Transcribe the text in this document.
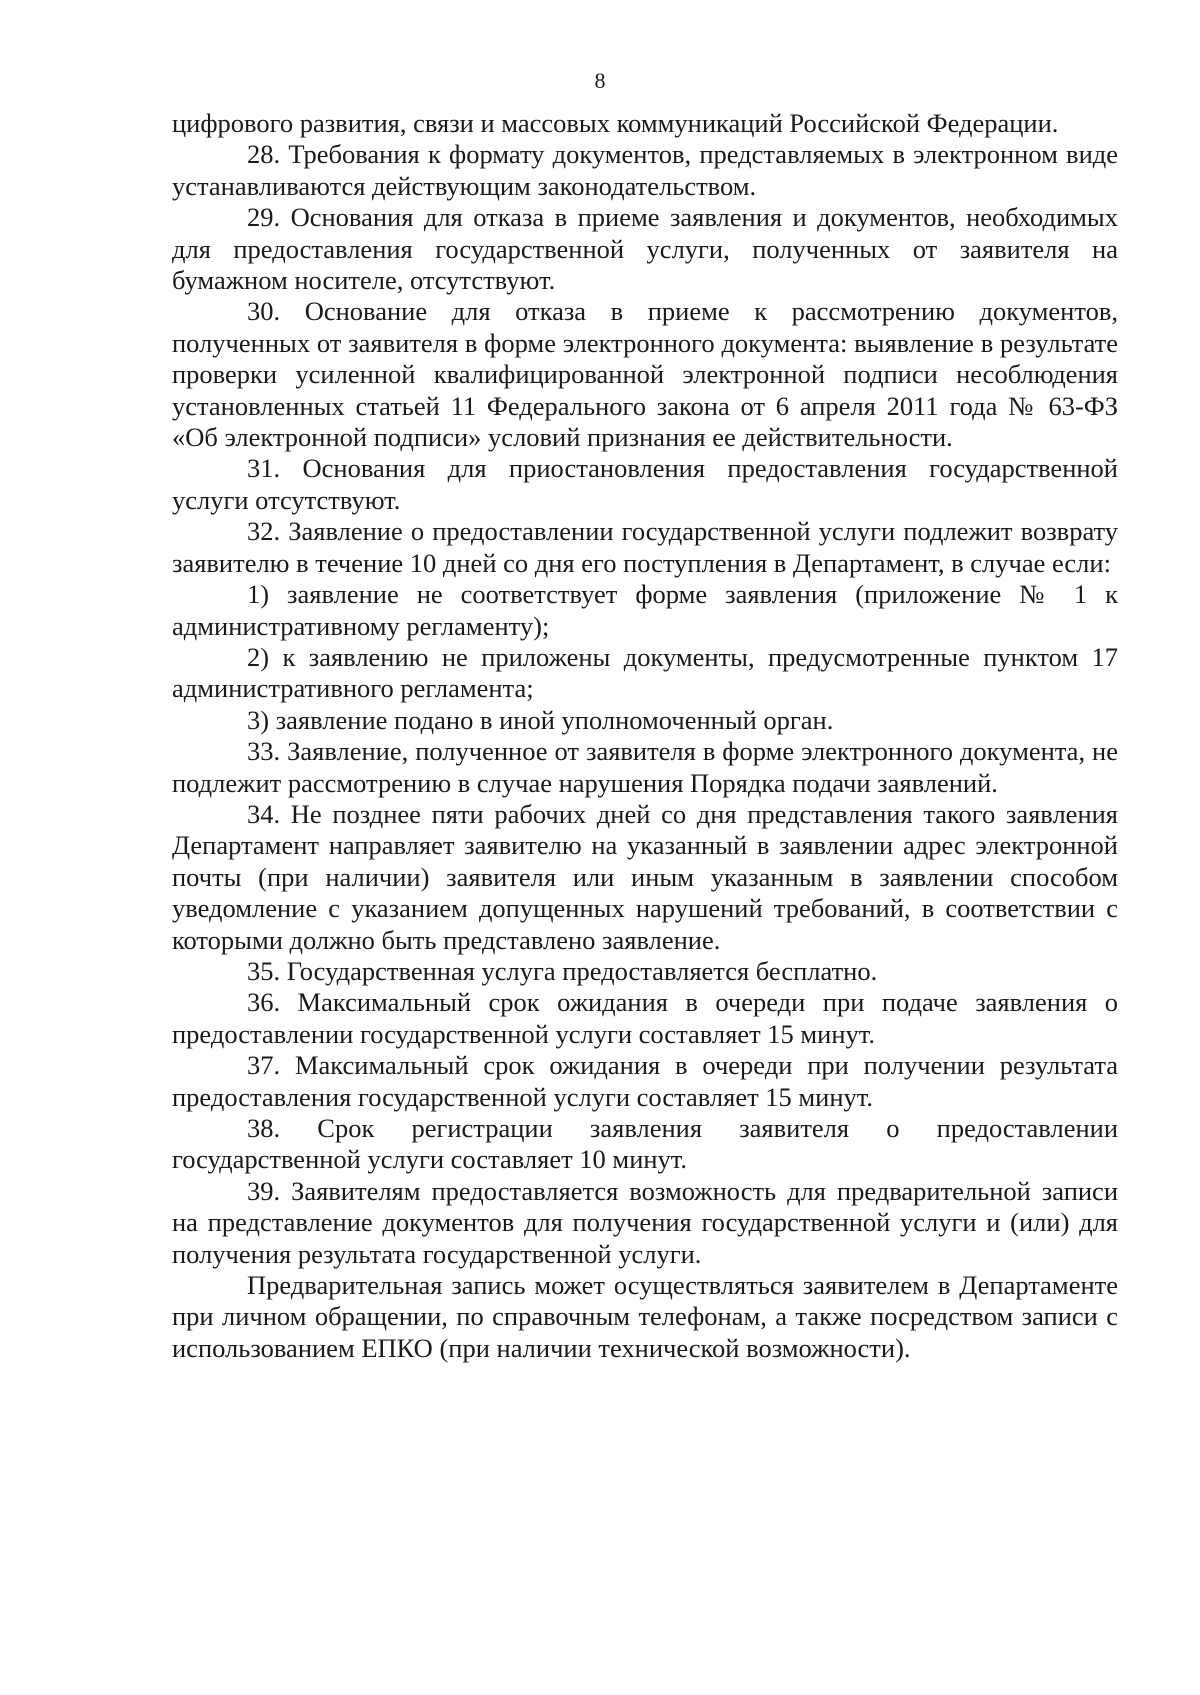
8

цифрового развития, связи и массовых коммуникаций Российской Федерации.

28. Требования к формату документов, представляемых в электронном виде устанавливаются действующим законодательством.

29. Основания для отказа в приеме заявления и документов, необходимых для предоставления государственной услуги, полученных от заявителя на бумажном носителе, отсутствуют.

30. Основание для отказа в приеме к рассмотрению документов, полученных от заявителя в форме электронного документа: выявление в результате проверки усиленной квалифицированной электронной подписи несоблюдения установленных статьей 11 Федерального закона от 6 апреля 2011 года № 63-ФЗ «Об электронной подписи» условий признания ее действительности.

31. Основания для приостановления предоставления государственной услуги отсутствуют.

32. Заявление о предоставлении государственной услуги подлежит возврату заявителю в течение 10 дней со дня его поступления в Департамент, в случае если:

1) заявление не соответствует форме заявления (приложение № 1 к административному регламенту);

2) к заявлению не приложены документы, предусмотренные пунктом 17 административного регламента;

3) заявление подано в иной уполномоченный орган.

33. Заявление, полученное от заявителя в форме электронного документа, не подлежит рассмотрению в случае нарушения Порядка подачи заявлений.

34. Не позднее пяти рабочих дней со дня представления такого заявления Департамент направляет заявителю на указанный в заявлении адрес электронной почты (при наличии) заявителя или иным указанным в заявлении способом уведомление с указанием допущенных нарушений требований, в соответствии с которыми должно быть представлено заявление.

35. Государственная услуга предоставляется бесплатно.

36. Максимальный срок ожидания в очереди при подаче заявления о предоставлении государственной услуги составляет 15 минут.

37. Максимальный срок ожидания в очереди при получении результата предоставления государственной услуги составляет 15 минут.

38. Срок регистрации заявления заявителя о предоставлении государственной услуги составляет 10 минут.

39. Заявителям предоставляется возможность для предварительной записи на представление документов для получения государственной услуги и (или) для получения результата государственной услуги.

Предварительная запись может осуществляться заявителем в Департаменте при личном обращении, по справочным телефонам, а также посредством записи с использованием ЕПКО (при наличии технической возможности).
